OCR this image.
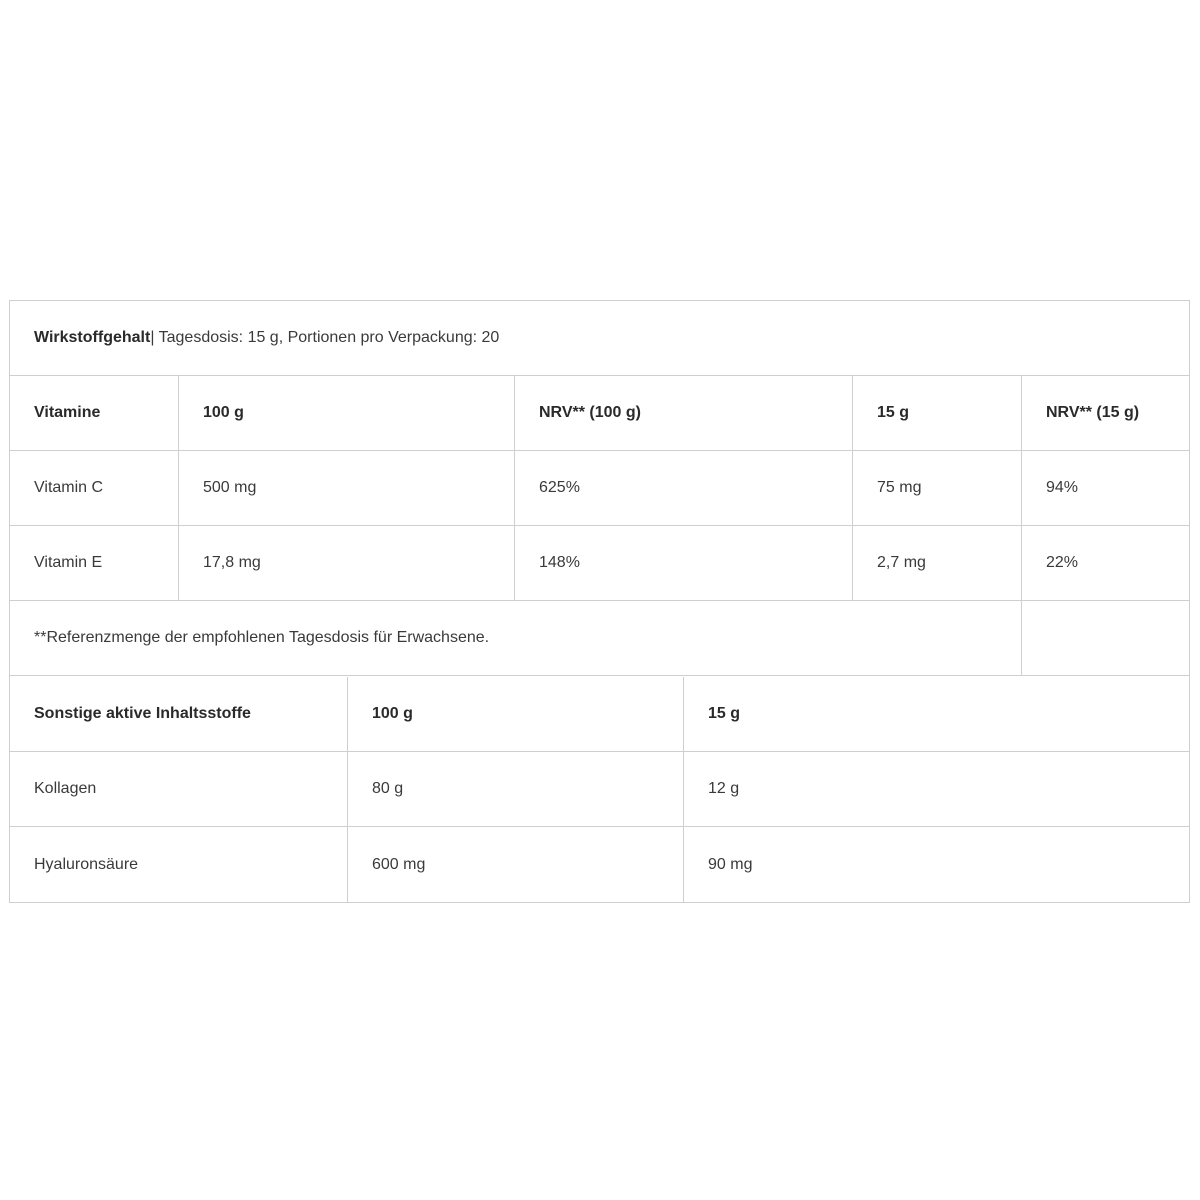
Wirkstoffgehalt | Tagesdosis: 15 g, Portionen pro Verpackung: 20
Vitamine	100 g	NRV** (100 g)	15 g	NRV** (15 g)
Vitamin C	500 mg	625%	75 mg	94%
Vitamin E	17,8 mg	148%	2,7 mg	22%
**Referenzmenge der empfohlenen Tagesdosis für Erwachsene.
Sonstige aktive Inhaltsstoffe	100 g	15 g
Kollagen	80 g	12 g
Hyaluronsäure	600 mg	90 mg
